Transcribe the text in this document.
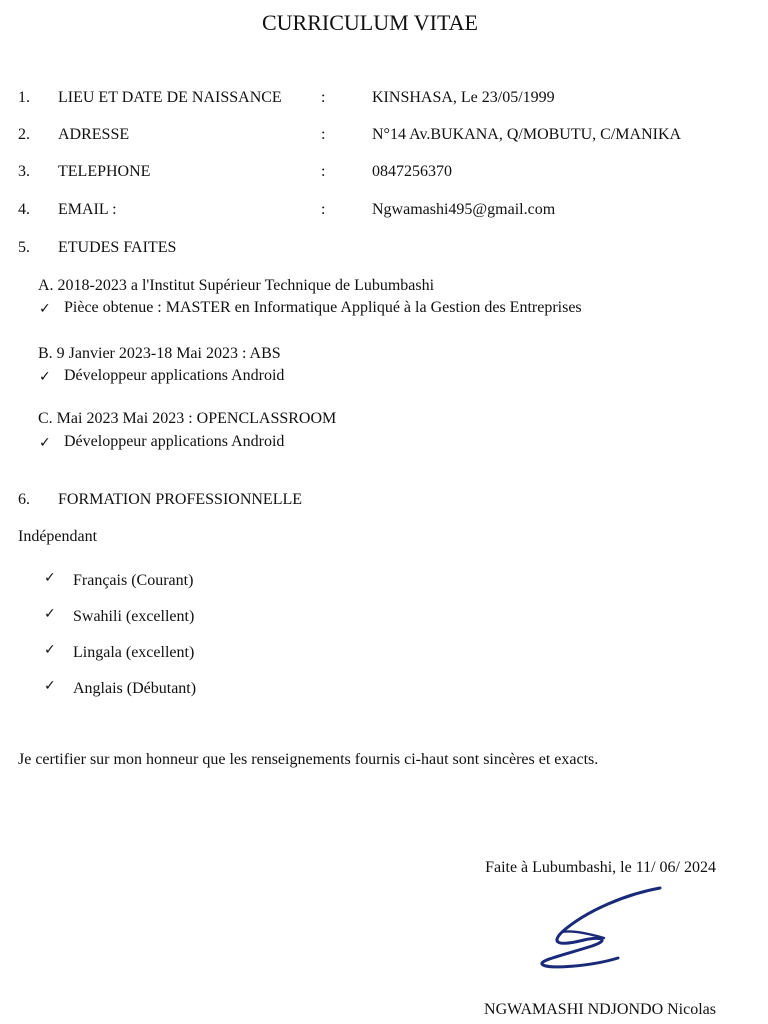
CURRICULUM VITAE
1. LIEU ET DATE DE NAISSANCE :	KINSHASA, Le 23/05/1999
2. ADRESSE	:	N°14 Av.BUKANA, Q/MOBUTU, C/MANIKA
3. TELEPHONE	:	0847256370
4. EMAIL :	:	Ngwamashi495@gmail.com
5. ETUDES FAITES
A. 2018-2023 a l'Institut Supérieur Technique de Lubumbashi
✓ Pièce obtenue : MASTER en Informatique Appliqué à la Gestion des Entreprises
B. 9 Janvier 2023-18 Mai 2023 : ABS
✓ Développeur applications Android
C. Mai 2023 Mai 2023 : OPENCLASSROOM
✓ Développeur applications Android
6. FORMATION PROFESSIONNELLE
Indépendant
✓ Français (Courant)
✓ Swahili (excellent)
✓ Lingala (excellent)
✓ Anglais (Débutant)
Je certifier sur mon honneur que les renseignements fournis ci-haut sont sincères et exacts.
Faite à Lubumbashi, le 11/ 06/ 2024
NGWAMASHI NDJONDO Nicolas
